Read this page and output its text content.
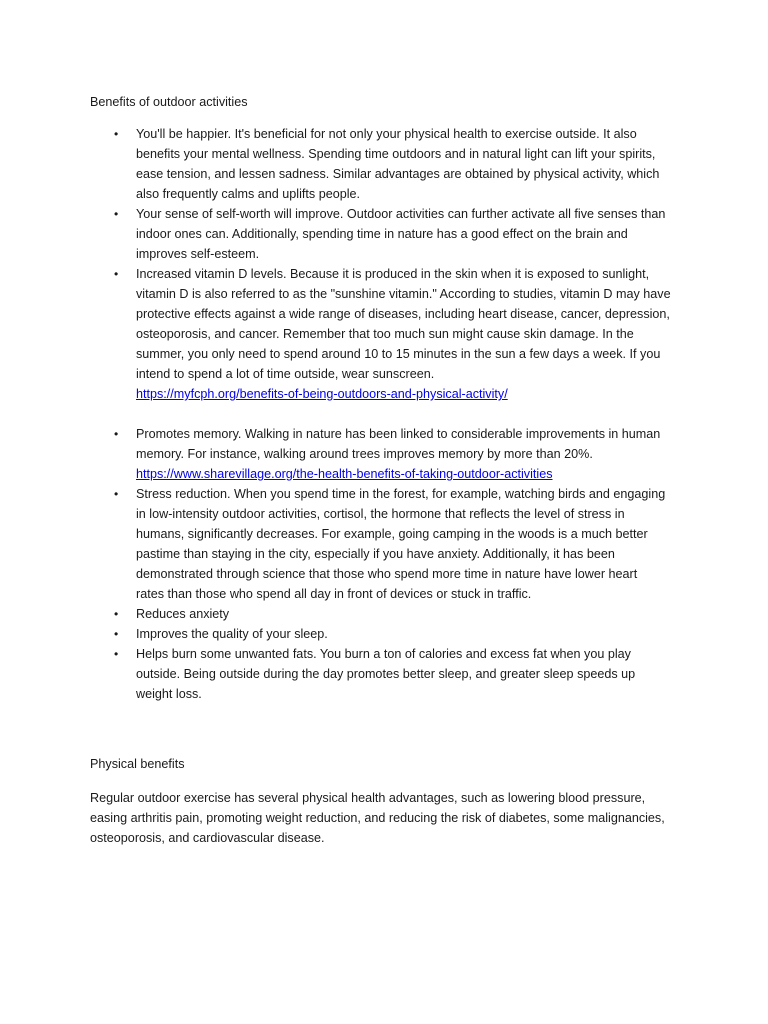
Benefits of outdoor activities
•	You'll be happier. It's beneficial for not only your physical health to exercise outside. It also
benefits your mental wellness. Spending time outdoors and in natural light can lift your spirits,
ease tension, and lessen sadness. Similar advantages are obtained by physical activity, which
also frequently calms and uplifts people.
•	Your sense of self-worth will improve. Outdoor activities can further activate all five senses than
indoor ones can. Additionally, spending time in nature has a good effect on the brain and
improves self-esteem.
•	Increased vitamin D levels. Because it is produced in the skin when it is exposed to sunlight,
vitamin D is also referred to as the "sunshine vitamin." According to studies, vitamin D may have
protective effects against a wide range of diseases, including heart disease, cancer, depression,
osteoporosis, and cancer. Remember that too much sun might cause skin damage. In the
summer, you only need to spend around 10 to 15 minutes in the sun a few days a week. If you
intend to spend a lot of time outside, wear sunscreen.
https://myfcph.org/benefits-of-being-outdoors-and-physical-activity/
•	Promotes memory. Walking in nature has been linked to considerable improvements in human
memory. For instance, walking around trees improves memory by more than 20%.
https://www.sharevillage.org/the-health-benefits-of-taking-outdoor-activities
•	Stress reduction. When you spend time in the forest, for example, watching birds and engaging
in low-intensity outdoor activities, cortisol, the hormone that reflects the level of stress in
humans, significantly decreases. For example, going camping in the woods is a much better
pastime than staying in the city, especially if you have anxiety. Additionally, it has been
demonstrated through science that those who spend more time in nature have lower heart
rates than those who spend all day in front of devices or stuck in traffic.
•	Reduces anxiety
•	Improves the quality of your sleep.
•	Helps burn some unwanted fats. You burn a ton of calories and excess fat when you play
outside. Being outside during the day promotes better sleep, and greater sleep speeds up
weight loss.
Physical benefits

Regular outdoor exercise has several physical health advantages, such as lowering blood pressure,
easing arthritis pain, promoting weight reduction, and reducing the risk of diabetes, some malignancies,
osteoporosis, and cardiovascular disease.
